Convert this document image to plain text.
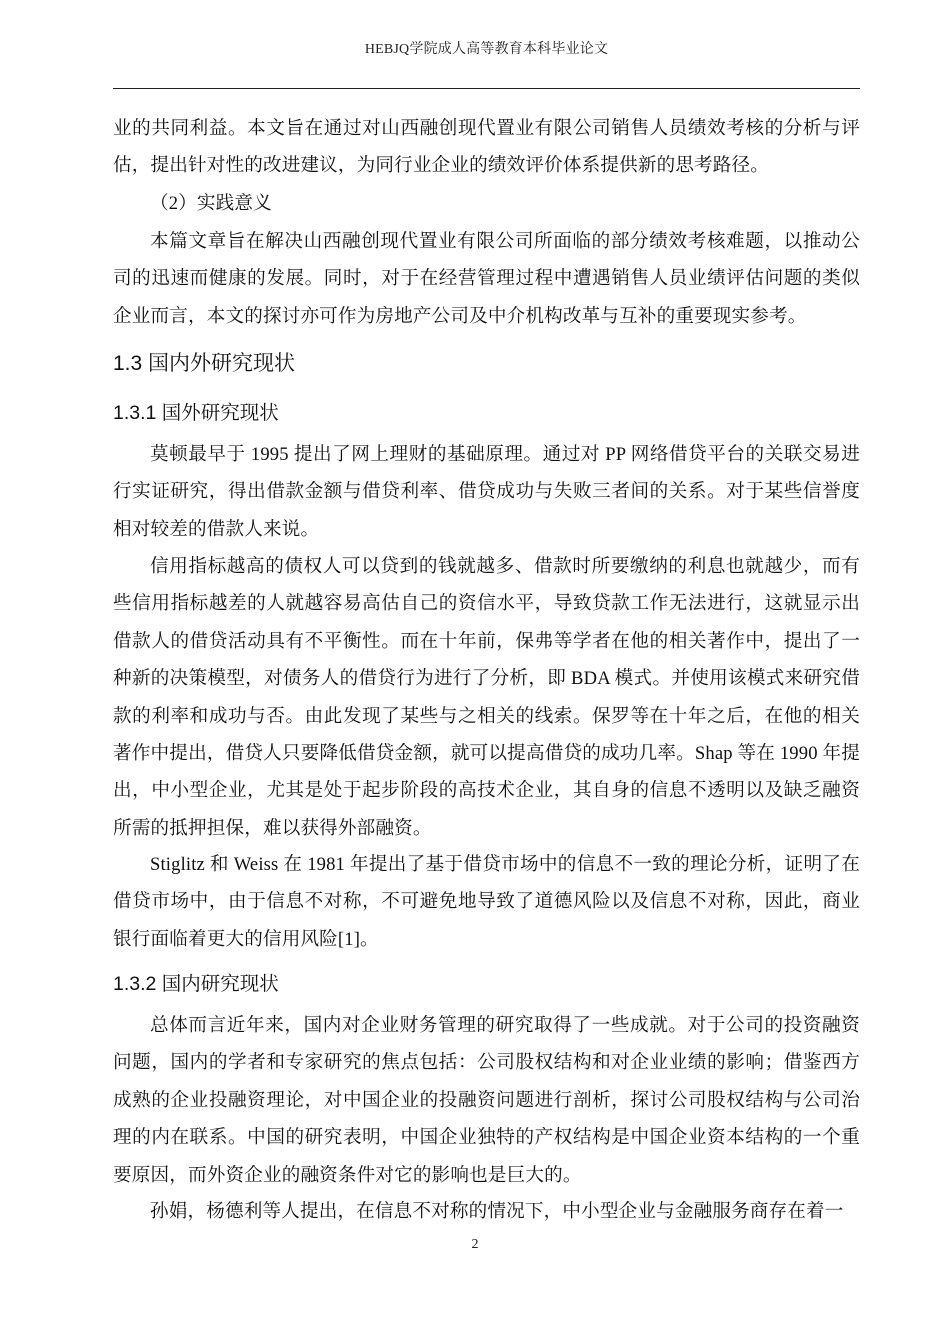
HEBJQ学院成人高等教育本科毕业论文

业的共同利益。本文旨在通过对山西融创现代置业有限公司销售人员绩效考核的分析与评估，提出针对性的改进建议，为同行业企业的绩效评价体系提供新的思考路径。

（2）实践意义

本篇文章旨在解决山西融创现代置业有限公司所面临的部分绩效考核难题，以推动公司的迅速而健康的发展。同时，对于在经营管理过程中遭遇销售人员业绩评估问题的类似企业而言，本文的探讨亦可作为房地产公司及中介机构改革与互补的重要现实参考。

1.3 国内外研究现状
1.3.1 国外研究现状

莫顿最早于 1995 提出了网上理财的基础原理。通过对 PP 网络借贷平台的关联交易进行实证研究，得出借款金额与借贷利率、借贷成功与失败三者间的关系。对于某些信誉度相对较差的借款人来说。

信用指标越高的债权人可以贷到的钱就越多、借款时所要缴纳的利息也就越少，而有些信用指标越差的人就越容易高估自己的资信水平，导致贷款工作无法进行，这就显示出借款人的借贷活动具有不平衡性。而在十年前，保弗等学者在他的相关著作中，提出了一种新的决策模型，对债务人的借贷行为进行了分析，即 BDA 模式。并使用该模式来研究借款的利率和成功与否。由此发现了某些与之相关的线索。保罗等在十年之后，在他的相关著作中提出，借贷人只要降低借贷金额，就可以提高借贷的成功几率。Shap 等在 1990 年提出，中小型企业，尤其是处于起步阶段的高技术企业，其自身的信息不透明以及缺乏融资所需的抵押担保，难以获得外部融资。

Stiglitz 和 Weiss 在 1981 年提出了基于借贷市场中的信息不一致的理论分析，证明了在借贷市场中，由于信息不对称，不可避免地导致了道德风险以及信息不对称，因此，商业银行面临着更大的信用风险[1]。

1.3.2 国内研究现状

总体而言近年来，国内对企业财务管理的研究取得了一些成就。对于公司的投资融资问题，国内的学者和专家研究的焦点包括：公司股权结构和对企业业绩的影响；借鉴西方成熟的企业投融资理论，对中国企业的投融资问题进行剖析，探讨公司股权结构与公司治理的内在联系。中国的研究表明，中国企业独特的产权结构是中国企业资本结构的一个重要原因，而外资企业的融资条件对它的影响也是巨大的。

孙娟，杨德利等人提出，在信息不对称的情况下，中小型企业与金融服务商存在着一

2
